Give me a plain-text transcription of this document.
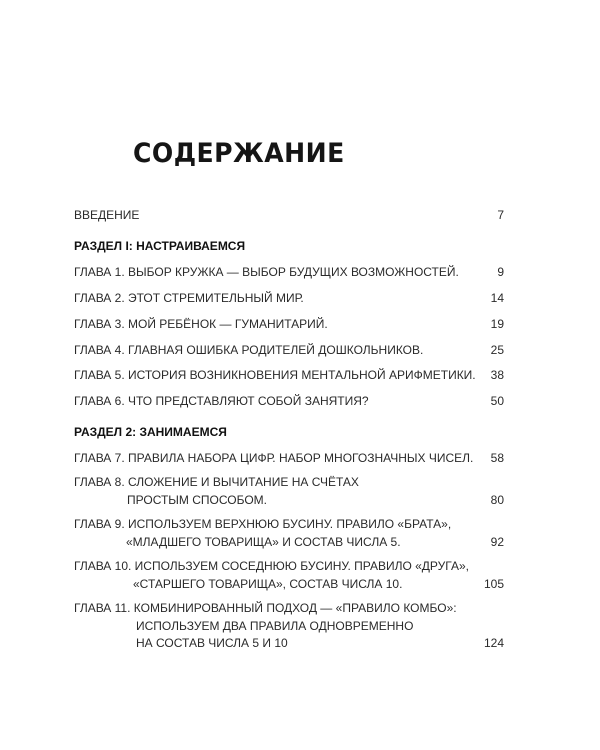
СОДЕРЖАНИЕ
ВВЕДЕНИЕ	7
РАЗДЕЛ I: НАСТРАИВАЕМСЯ
ГЛАВА 1. ВЫБОР КРУЖКА — ВЫБОР БУДУЩИХ ВОЗМОЖНОСТЕЙ.	9
ГЛАВА 2. ЭТОТ СТРЕМИТЕЛЬНЫЙ МИР.	14
ГЛАВА 3. МОЙ РЕБЁНОК — ГУМАНИТАРИЙ.	19
ГЛАВА 4. ГЛАВНАЯ ОШИБКА РОДИТЕЛЕЙ ДОШКОЛЬНИКОВ.	25
ГЛАВА 5. ИСТОРИЯ ВОЗНИКНОВЕНИЯ МЕНТАЛЬНОЙ АРИФМЕТИКИ.	38
ГЛАВА 6. ЧТО ПРЕДСТАВЛЯЮТ СОБОЙ ЗАНЯТИЯ?	50
РАЗДЕЛ 2: ЗАНИМАЕМСЯ
ГЛАВА 7. ПРАВИЛА НАБОРА ЦИФР. НАБОР МНОГОЗНАЧНЫХ ЧИСЕЛ.	58
ГЛАВА 8. СЛОЖЕНИЕ И ВЫЧИТАНИЕ НА СЧЁТАХ
ПРОСТЫМ СПОСОБОМ.	80
ГЛАВА 9. ИСПОЛЬЗУЕМ ВЕРХНЮЮ БУСИНУ. ПРАВИЛО «БРАТА»,
«МЛАДШЕГО ТОВАРИЩА» И СОСТАВ ЧИСЛА 5.	92
ГЛАВА 10. ИСПОЛЬЗУЕМ СОСЕДНЮЮ БУСИНУ. ПРАВИЛО «ДРУГА»,
«СТАРШЕГО ТОВАРИЩА», СОСТАВ ЧИСЛА 10.	105
ГЛАВА 11. КОМБИНИРОВАННЫЙ ПОДХОД — «ПРАВИЛО КОМБО»:
ИСПОЛЬЗУЕМ ДВА ПРАВИЛА ОДНОВРЕМЕННО
НА СОСТАВ ЧИСЛА 5 И 10	124
